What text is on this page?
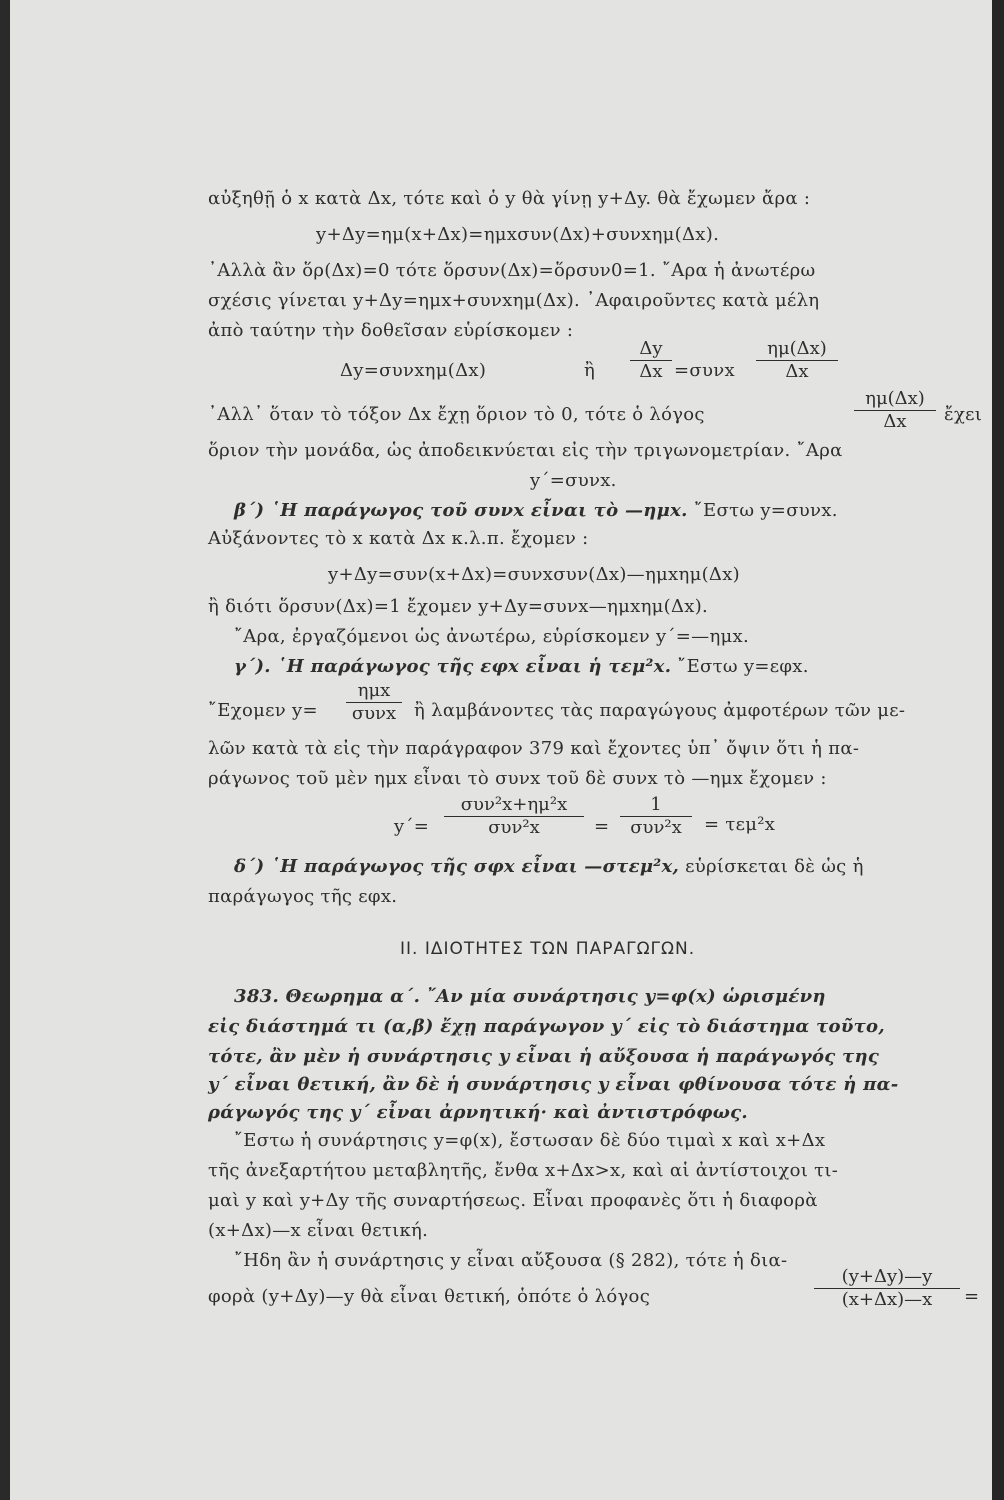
αὐξηθῇ ὁ x κατὰ Δx, τότε καὶ ὁ y θὰ γίνῃ y+Δy. θὰ ἔχωμεν ἄρα :
y+Δy=ημ(x+Δx)=ημxσυν(Δx)+συνxημ(Δx).
᾿Αλλὰ ἂν ὅρ(Δx)=0 τότε ὅρσυν(Δx)=ὅρσυν0=1. ῎Αρα ἡ ἀνωτέρω
σχέσις γίνεται y+Δy=ημx+συνxημ(Δx). ᾿Αφαιροῦντες κατὰ μέλη
ἀπὸ ταύτην τὴν δοθεῖσαν εὑρίσκομεν :
Δy=συνxημ(Δx)	ἢ
Δy
Δx =συνx
ημ(Δx)
Δx
᾿Αλλ᾿ ὅταν τὸ τόξον Δx ἔχῃ ὅριον τὸ 0, τότε ὁ λόγος
ημ(Δx)
Δx	ἔχει
ὅριον τὴν μονάδα, ὡς ἀποδεικνύεται εἰς τὴν τριγωνομετρίαν. ῎Αρα
y΄=συνx.
β΄) ῾Η παράγωγος τοῦ συνx εἶναι τὸ —ημx. ῎Εστω y=συνx.
Αὐξάνοντες τὸ x κατὰ Δx κ.λ.π. ἔχομεν :
y+Δy=συν(x+Δx)=συνxσυν(Δx)—ημxημ(Δx)
ἢ διότι ὅρσυν(Δx)=1 ἔχομεν y+Δy=συνx—ημxημ(Δx).
῎Αρα, ἐργαζόμενοι ὡς ἀνωτέρω, εὑρίσκομεν y΄=—ημx.
γ΄). ῾Η παράγωγος τῆς εφx εἶναι ἡ τεμ²x. ῎Εστω y=εφx.
῎Εχομεν y=
ημx
συνx ἢ λαμβάνοντες τὰς παραγώγους ἀμφοτέρων τῶν με-
λῶν κατὰ τὰ εἰς τὴν παράγραφον 379 καὶ ἔχοντες ὑπ᾿ ὄψιν ὅτι ἡ πα-
ράγωνος τοῦ μὲν ημx εἶναι τὸ συνx τοῦ δὲ συνx τὸ —ημx ἔχομεν :
y΄=
συν²x+ημ²x
συν²x	=
1
συν²x	= τεμ²x
δ΄) ῾Η παράγωγος τῆς σφx εἶναι —στεμ²x, εὑρίσκεται δὲ ὡς ἡ
παράγωγος τῆς εφx.
II. ΙΔΙΟΤΗΤΕΣ ΤΩΝ ΠΑΡΑΓΩΓΩΝ.
383. Θεωρημα α΄. ῎Αν μία συνάρτησις y=φ(x) ὡρισμένη
εἰς διάστημά τι (α,β) ἔχῃ παράγωγον y΄ εἰς τὸ διάστημα τοῦτο,
τότε, ἂν μὲν ἡ συνάρτησις y εἶναι ἡ αὔξουσα ἡ παράγωγός της
y΄ εἶναι θετική, ἂν δὲ ἡ συνάρτησις y εἶναι φθίνουσα τότε ἡ πα-
ράγωγός της y΄ εἶναι ἀρνητική· καὶ ἀντιστρόφως.
῎Εστω ἡ συνάρτησις y=φ(x), ἔστωσαν δὲ δύο τιμαὶ x καὶ x+Δx
τῆς ἀνεξαρτήτου μεταβλητῆς, ἔνθα x+Δx>x, καὶ αἱ ἀντίστοιχοι τι-
μαὶ y καὶ y+Δy τῆς συναρτήσεως. Εἶναι προφανὲς ὅτι ἡ διαφορὰ
(x+Δx)—x εἶναι θετική.
῎Ηδη ἂν ἡ συνάρτησις y εἶναι αὔξουσα (§ 282), τότε ἡ δια-
φορὰ (y+Δy)—y θὰ εἶναι θετική, ὁπότε ὁ λόγος
(y+Δy)—y
(x+Δx)—x	=
